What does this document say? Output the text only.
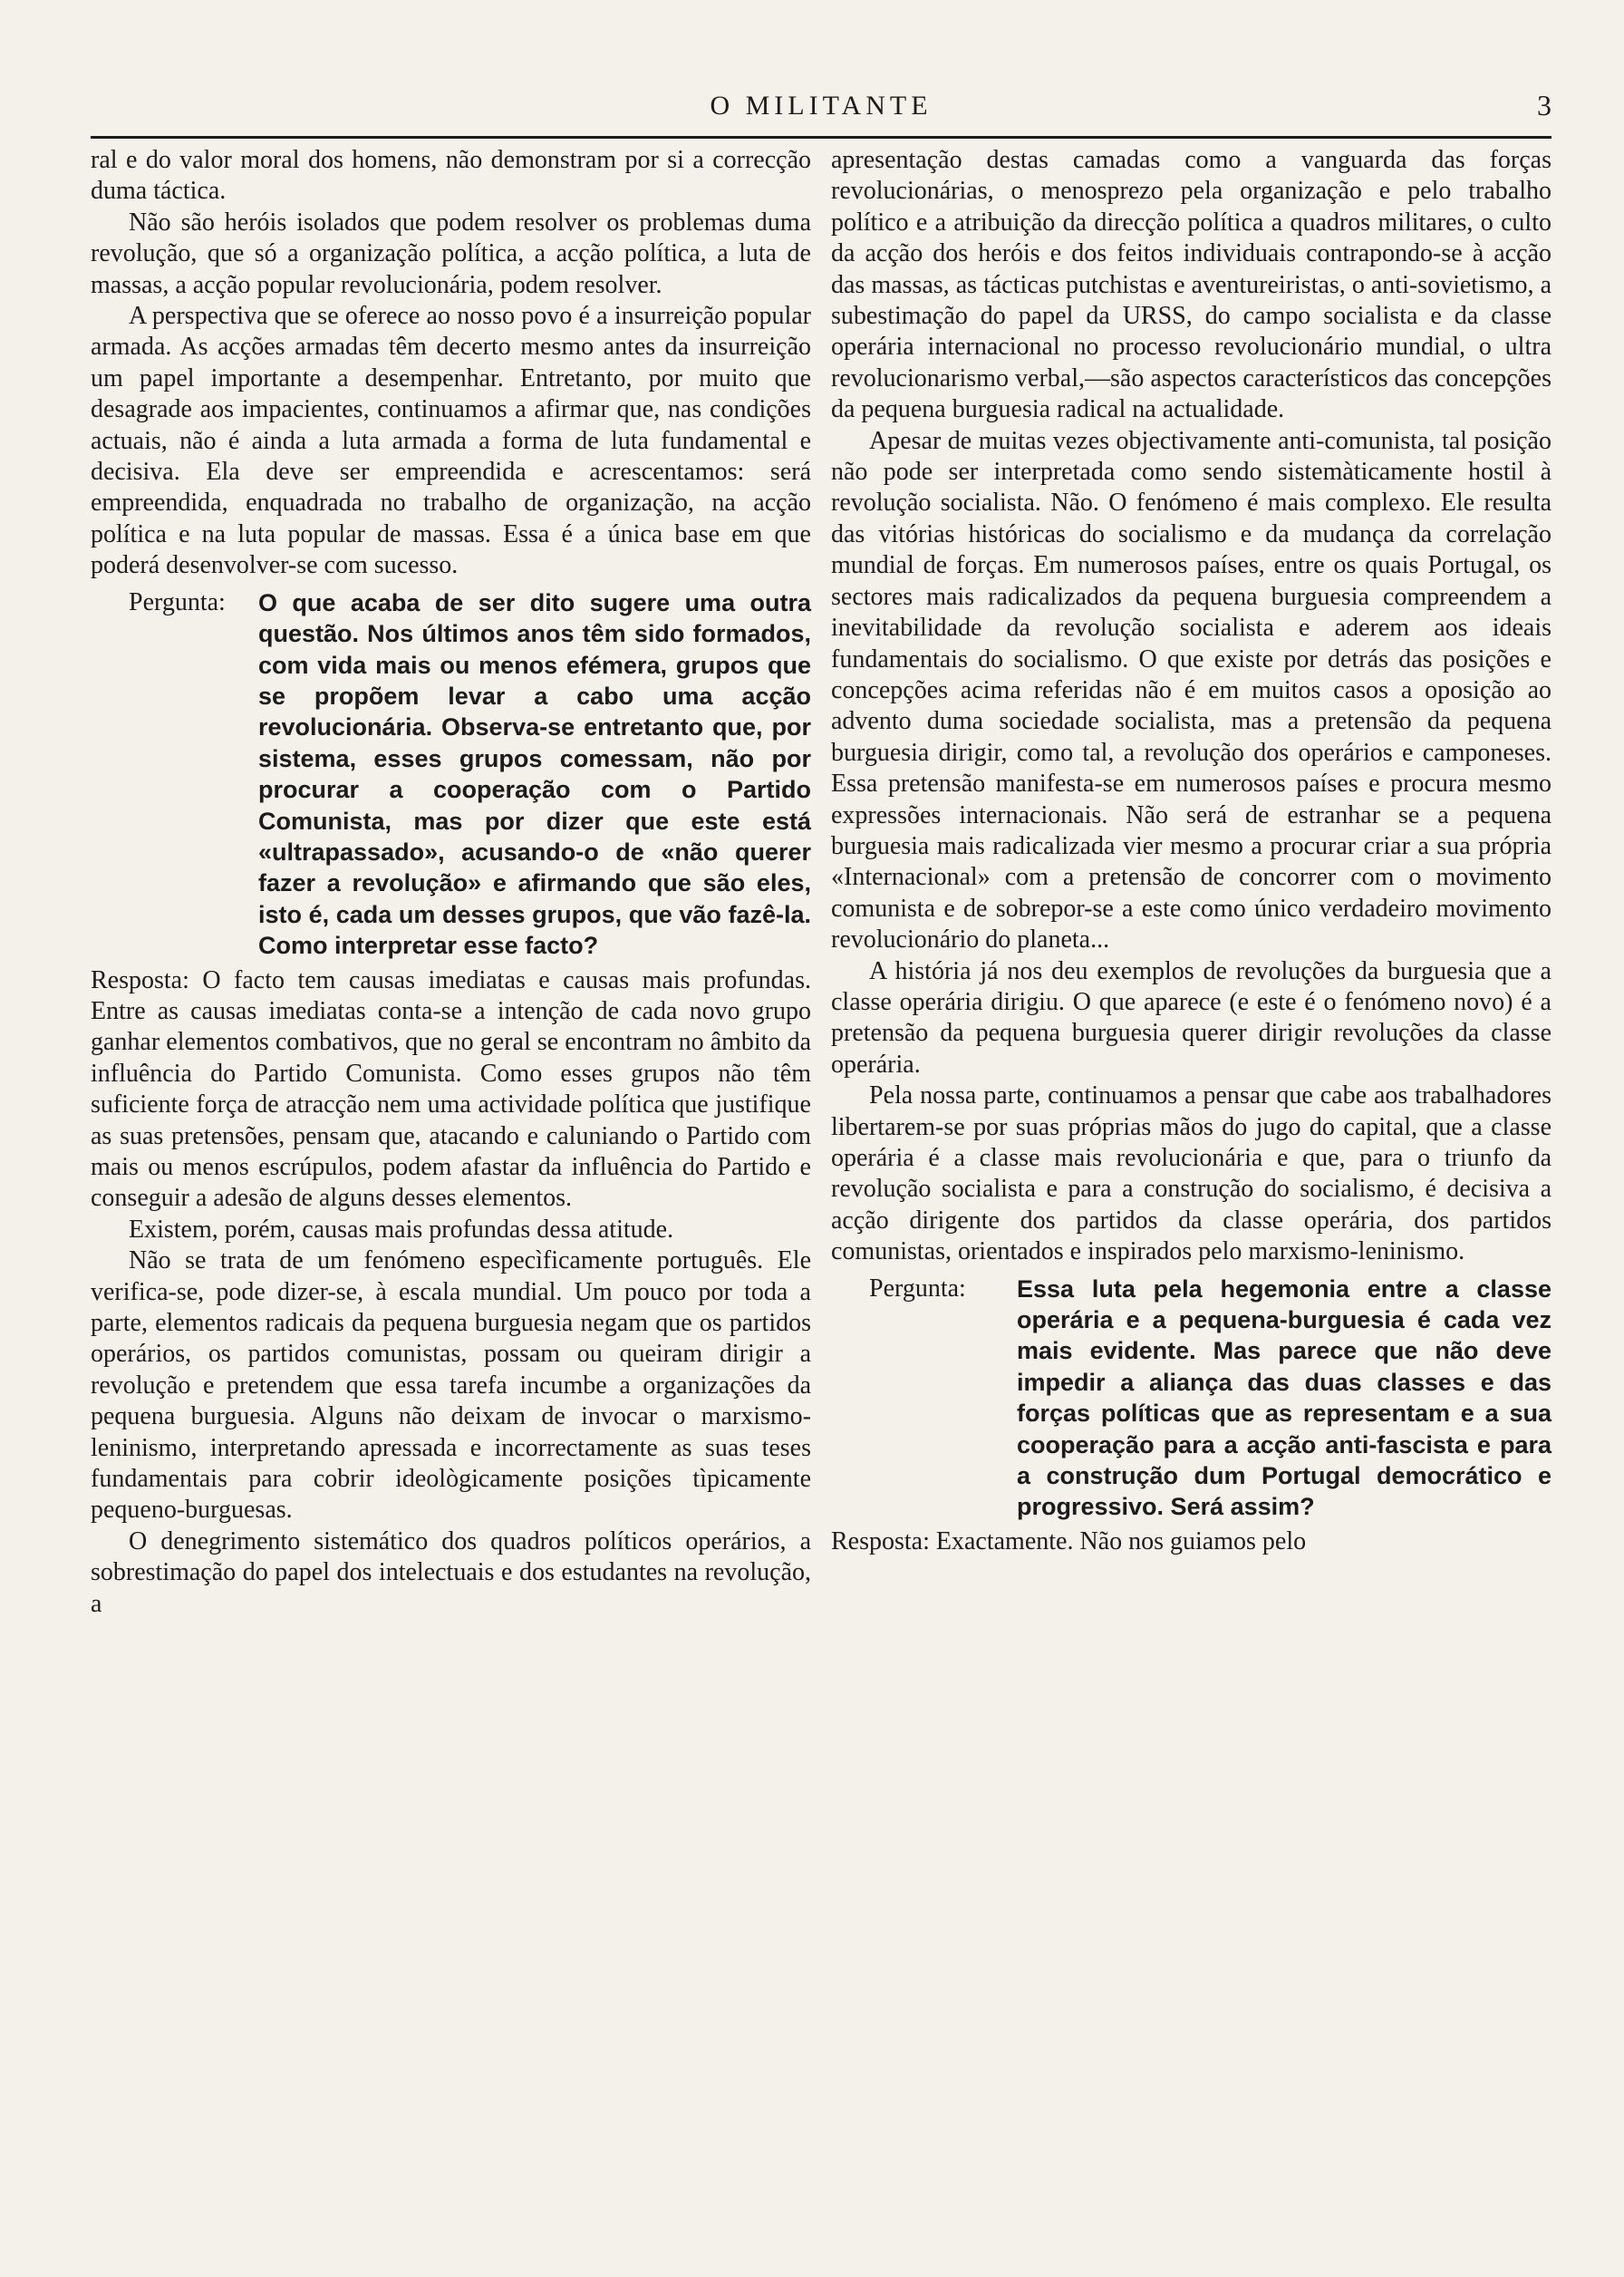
O MILITANTE	3

ral e do valor moral dos homens, não demonstram por si a correcção duma táctica.

Não são heróis isolados que podem resolver os problemas duma revolução, que só a organização política, a acção política, a luta de massas, a acção popular revolucionária, podem resolver.

A perspectiva que se oferece ao nosso povo é a insurreição popular armada. As acções armadas têm decerto mesmo antes da insurreição um papel importante a desempenhar. Entretanto, por muito que desagrade aos impacientes, continuamos a afirmar que, nas condições actuais, não é ainda a luta armada a forma de luta fundamental e decisiva. Ela deve ser empreendida e acrescentamos: será empreendida, enquadrada no trabalho de organização, na acção política e na luta popular de massas. Essa é a única base em que poderá desenvolver-se com sucesso.

Pergunta:	O que acaba de ser dito sugere uma outra questão. Nos últimos anos têm sido formados, com vida mais ou menos efémera, grupos que se propõem levar a cabo uma acção revolucionária. Observa-se entretanto que, por sistema, esses grupos comessam, não por procurar a cooperação com o Partido Comunista, mas por dizer que este está «ultrapassado», acusando-o de «não querer fazer a revolução» e afirmando que são eles, isto é, cada um desses grupos, que vão fazê-la. Como interpretar esse facto?

Resposta: O facto tem causas imediatas e causas mais profundas. Entre as causas imediatas conta-se a intenção de cada novo grupo ganhar elementos combativos, que no geral se encontram no âmbito da influência do Partido Comunista. Como esses grupos não têm suficiente força de atracção nem uma actividade política que justifique as suas pretensões, pensam que, atacando e caluniando o Partido com mais ou menos escrúpulos, podem afastar da influência do Partido e conseguir a adesão de alguns desses elementos.

Existem, porém, causas mais profundas dessa atitude.

Não se trata de um fenómeno especìficamente português. Ele verifica-se, pode dizer-se, à escala mundial. Um pouco por toda a parte, elementos radicais da pequena burguesia negam que os partidos operários, os partidos comunistas, possam ou queiram dirigir a revolução e pretendem que essa tarefa incumbe a organizações da pequena burguesia. Alguns não deixam de invocar o marxismo-leninismo, interpretando apressada e incorrectamente as suas teses fundamentais para cobrir ideològicamente posições tìpicamente pequeno-burguesas.

O denegrimento sistemático dos quadros políticos operários, a sobrestimação do papel dos intelectuais e dos estudantes na revolução, a

apresentação destas camadas como a vanguarda das forças revolucionárias, o menosprezo pela organização e pelo trabalho político e a atribuição da direcção política a quadros militares, o culto da acção dos heróis e dos feitos individuais contrapondo-se à acção das massas, as tácticas putchistas e aventureiristas, o anti-sovietismo, a subestimação do papel da URSS, do campo socialista e da classe operária internacional no processo revolucionário mundial, o ultra revolucionarismo verbal,—são aspectos característicos das concepções da pequena burguesia radical na actualidade.

Apesar de muitas vezes objectivamente anti-comunista, tal posição não pode ser interpretada como sendo sistemàticamente hostil à revolução socialista. Não. O fenómeno é mais complexo. Ele resulta das vitórias históricas do socialismo e da mudança da correlação mundial de forças. Em numerosos países, entre os quais Portugal, os sectores mais radicalizados da pequena burguesia compreendem a inevitabilidade da revolução socialista e aderem aos ideais fundamentais do socialismo. O que existe por detrás das posições e concepções acima referidas não é em muitos casos a oposição ao advento duma sociedade socialista, mas a pretensão da pequena burguesia dirigir, como tal, a revolução dos operários e camponeses. Essa pretensão manifesta-se em numerosos países e procura mesmo expressões internacionais. Não será de estranhar se a pequena burguesia mais radicalizada vier mesmo a procurar criar a sua própria «Internacional» com a pretensão de concorrer com o movimento comunista e de sobrepor-se a este como único verdadeiro movimento revolucionário do planeta...

A história já nos deu exemplos de revoluções da burguesia que a classe operária dirigiu. O que aparece (e este é o fenómeno novo) é a pretensão da pequena burguesia querer dirigir revoluções da classe operária.

Pela nossa parte, continuamos a pensar que cabe aos trabalhadores libertarem-se por suas próprias mãos do jugo do capital, que a classe operária é a classe mais revolucionária e que, para o triunfo da revolução socialista e para a construção do socialismo, é decisiva a acção dirigente dos partidos da classe operária, dos partidos comunistas, orientados e inspirados pelo marxismo-leninismo.

Pergunta:	Essa luta pela hegemonia entre a classe operária e a pequena-burguesia é cada vez mais evidente. Mas parece que não deve impedir a aliança das duas classes e das forças políticas que as representam e a sua cooperação para a acção anti-fascista e para a construção dum Portugal democrático e progressivo. Será assim?

Resposta: Exactamente. Não nos guiamos pelo
